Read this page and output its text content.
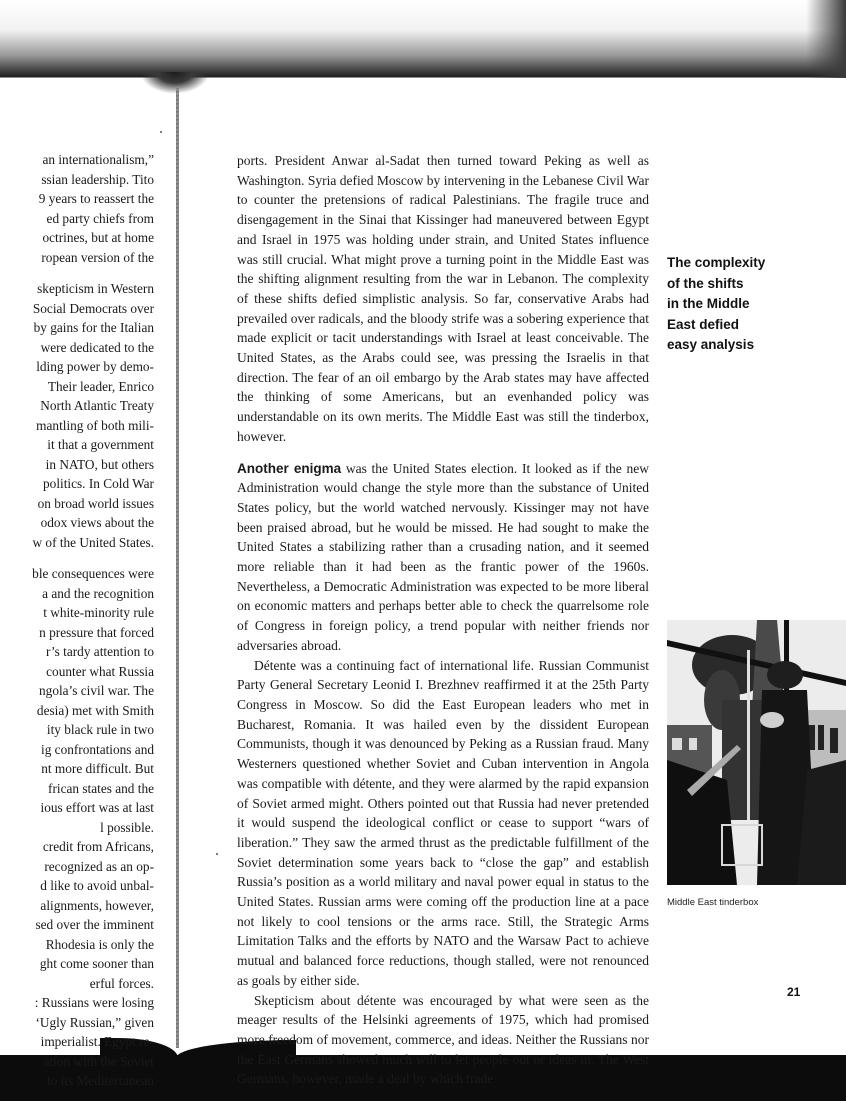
an internationalism,”
ssian leadership. Tito
9 years to reassert the
ed party chiefs from
octrines, but at home
ropean version of the
skepticism in Western
Social Democrats over
by gains for the Italian
were dedicated to the
lding power by demo-
Their leader, Enrico
North Atlantic Treaty
mantling of both mili-
it that a government
in NATO, but others
politics. In Cold War
on broad world issues
odox views about the
w of the United States.
ble consequences were
a and the recognition
t white-minority rule
n pressure that forced
r’s tardy attention to
counter what Russia
ngola’s civil war. The
desia) met with Smith
ity black rule in two
ig confrontations and
nt more difficult. But
frican states and the
ious effort was at last
l possible.
credit from Africans,
recognized as an op-
d like to avoid unbal-
alignments, however,
sed over the imminent
Rhodesia is only the
ght come sooner than
erful forces.
: Russians were losing
‘Ugly Russian,” given
imperialist. Egypt re-
ation with the Soviet
to its Mediterranean

ports. President Anwar al-Sadat then turned toward Peking as well as Washington. Syria defied Moscow by intervening in the Lebanese Civil War to counter the pretensions of radical Palestinians. The fragile truce and disengagement in the Sinai that Kissinger had maneuvered between Egypt and Israel in 1975 was holding under strain, and United States influence was still crucial. What might prove a turning point in the Middle East was the shifting alignment resulting from the war in Lebanon. The complexity of these shifts defied simplistic analysis. So far, conservative Arabs had prevailed over radicals, and the bloody strife was a sobering experience that made explicit or tacit understandings with Israel at least conceivable. The United States, as the Arabs could see, was pressing the Israelis in that direction. The fear of an oil embargo by the Arab states may have affected the thinking of some Americans, but an evenhanded policy was understandable on its own merits. The Middle East was still the tinderbox, however.

Another enigma was the United States election. It looked as if the new Administration would change the style more than the substance of United States policy, but the world watched nervously. Kissinger may not have been praised abroad, but he would be missed. He had sought to make the United States a stabilizing rather than a crusading nation, and it seemed more reliable than it had been as the frantic power of the 1960s. Nevertheless, a Democratic Administration was expected to be more liberal on economic matters and perhaps better able to check the quarrelsome role of Congress in foreign policy, a trend popular with neither friends nor adversaries abroad.

Détente was a continuing fact of international life. Russian Communist Party General Secretary Leonid I. Brezhnev reaffirmed it at the 25th Party Congress in Moscow. So did the East European leaders who met in Bucharest, Romania. It was hailed even by the dissident European Communists, though it was denounced by Peking as a Russian fraud. Many Westerners questioned whether Soviet and Cuban intervention in Angola was compatible with détente, and they were alarmed by the rapid expansion of Soviet armed might. Others pointed out that Russia had never pretended it would suspend the ideological conflict or cease to support “wars of liberation.” They saw the armed thrust as the predictable fulfillment of the Soviet determination some years back to “close the gap” and establish Russia’s position as a world military and naval power equal in status to the United States. Russian arms were coming off the production line at a pace not likely to cool tensions or the arms race. Still, the Strategic Arms Limitation Talks and the efforts by NATO and the Warsaw Pact to achieve mutual and balanced force reductions, though stalled, were not renounced as goals by either side.

Skepticism about détente was encouraged by what were seen as the meager results of the Helsinki agreements of 1975, which had promised more freedom of movement, commerce, and ideas. Neither the Russians nor the East Germans showed much will to let people out or ideas in. The West Germans, however, made a deal by which trade

The complexity
of the shifts
in the Middle
East defied
easy analysis
Middle East tinderbox
21
